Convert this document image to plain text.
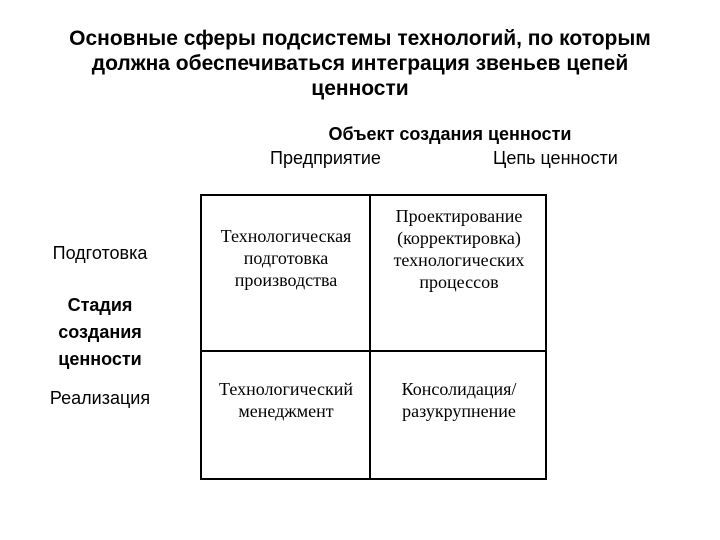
Основные сферы подсистемы технологий, по которым должна обеспечиваться интеграция звеньев цепей ценности
Объект создания ценности
Предприятие	Цепь ценности
Подготовка
Стадия создания ценности
Реализация
Технологическая подготовка производства
Проектирование (корректировка) технологических процессов
Технологический менеджмент
Консолидация/ разукрупнение
